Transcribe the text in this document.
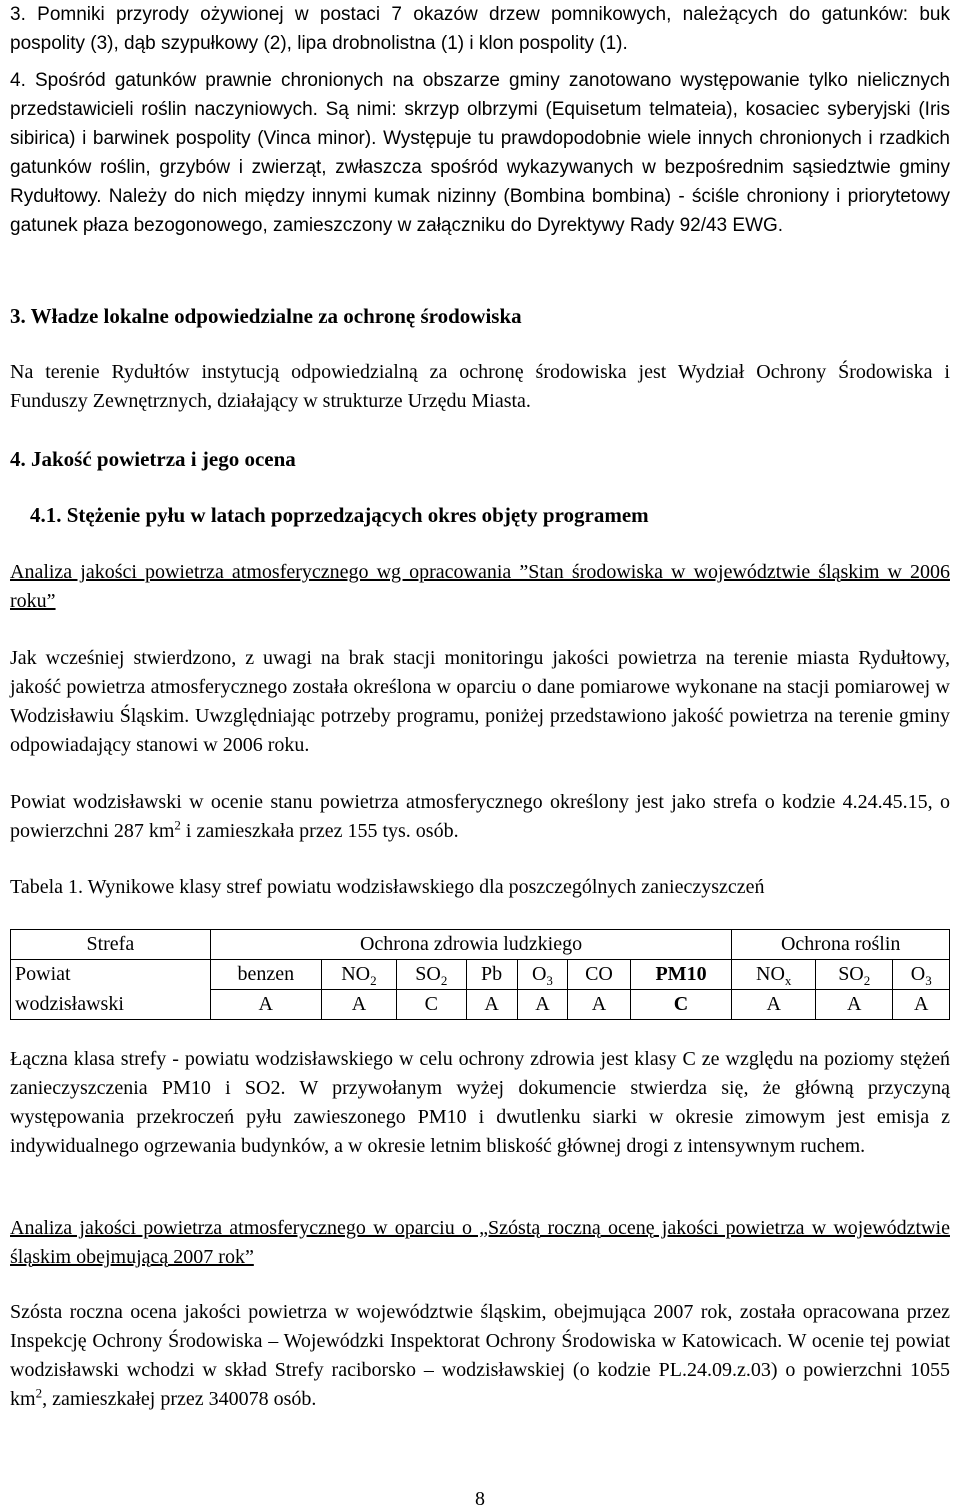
3. Pomniki przyrody ożywionej w postaci 7 okazów drzew pomnikowych, należących do gatunków: buk pospolity (3), dąb szypułkowy (2), lipa drobnolistna (1) i klon pospolity (1).

4. Spośród gatunków prawnie chronionych na obszarze gminy zanotowano występowanie tylko nielicznych przedstawicieli roślin naczyniowych. Są nimi: skrzyp olbrzymi (Equisetum telmateia), kosaciec syberyjski (Iris sibirica) i barwinek pospolity (Vinca minor). Występuje tu prawdopodobnie wiele innych chronionych i rzadkich gatunków roślin, grzybów i zwierząt, zwłaszcza spośród wykazywanych w bezpośrednim sąsiedztwie gminy Rydułtowy. Należy do nich między innymi kumak nizinny (Bombina bombina) - ściśle chroniony i priorytetowy gatunek płaza bezogonowego, zamieszczony w załączniku do Dyrektywy Rady 92/43 EWG.

3. Władze lokalne odpowiedzialne za ochronę środowiska

Na terenie Rydułtów instytucją odpowiedzialną za ochronę środowiska jest Wydział Ochrony Środowiska i Funduszy Zewnętrznych, działający w strukturze Urzędu Miasta.

4. Jakość powietrza i jego ocena
4.1. Stężenie pyłu w latach poprzedzających okres objęty programem

Analiza jakości powietrza atmosferycznego wg opracowania ”Stan środowiska w województwie śląskim w 2006 roku”

Jak wcześniej stwierdzono, z uwagi na brak stacji monitoringu jakości powietrza na terenie miasta Rydułtowy, jakość powietrza atmosferycznego została określona w oparciu o dane pomiarowe wykonane na stacji pomiarowej w Wodzisławiu Śląskim. Uwzględniając potrzeby programu, poniżej przedstawiono jakość powietrza na terenie gminy odpowiadający stanowi w 2006 roku.

Powiat wodzisławski w ocenie stanu powietrza atmosferycznego określony jest jako strefa o kodzie 4.24.45.15, o powierzchni 287 $km^2$ i zamieszkała przez 155 tys. osób.

Tabela 1. Wynikowe klasy stref powiatu wodzisławskiego dla poszczególnych zanieczyszczeń

Strefa	Ochrona zdrowia ludzkiego							Ochrona roślin		
Powiat	benzen	$NO_2$	$SO_2$	Pb	$O_3$	CO	PM10	$NO_x$	$SO_2$	$O_3$
wodzisławski	A	A	C	A	A	A	C	A	A	A

Łączna klasa strefy - powiatu wodzisławskiego w celu ochrony zdrowia jest klasy C ze względu na poziomy stężeń zanieczyszczenia PM10 i SO2. W przywołanym wyżej dokumencie stwierdza się, że główną przyczyną występowania przekroczeń pyłu zawieszonego PM10 i dwutlenku siarki w okresie zimowym jest emisja z indywidualnego ogrzewania budynków, a w okresie letnim bliskość głównej drogi z intensywnym ruchem.

Analiza jakości powietrza atmosferycznego w oparciu o „Szóstą roczną ocenę jakości powietrza w województwie śląskim obejmującą 2007 rok”

Szósta roczna ocena jakości powietrza w województwie śląskim, obejmująca 2007 rok, została opracowana przez Inspekcję Ochrony Środowiska – Wojewódzki Inspektorat Ochrony Środowiska w Katowicach. W ocenie tej powiat wodzisławski wchodzi w skład Strefy raciborsko – wodzisławskiej (o kodzie PL.24.09.z.03) o powierzchni 1055 $km^2$, zamieszkałej przez 340078 osób.

8
